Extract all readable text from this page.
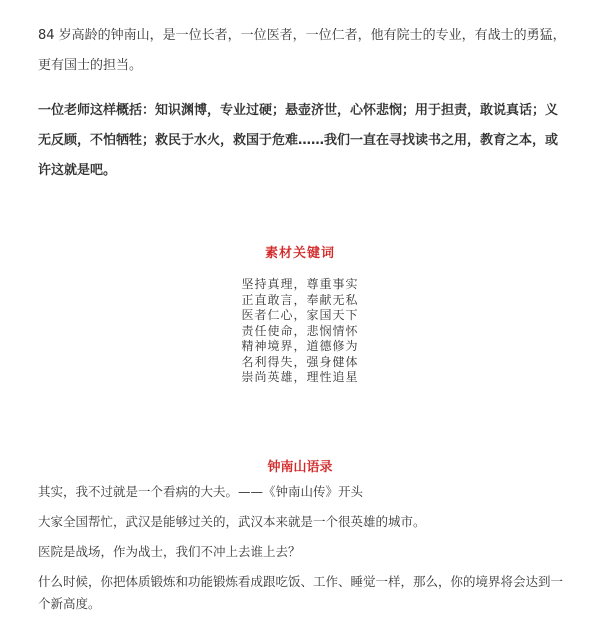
84 岁高龄的钟南山，是一位长者，一位医者，一位仁者，他有院士的专业，有战士的勇猛，更有国士的担当。

一位老师这样概括：知识渊博，专业过硬；悬壶济世，心怀悲悯；用于担责，敢说真话；义无反顾，不怕牺牲；救民于水火，救国于危难……我们一直在寻找读书之用，教育之本，或许这就是吧。

素材关键词
坚持真理，尊重事实
正直敢言，奉献无私
医者仁心，家国天下
责任使命，悲悯情怀
精神境界，道德修为
名利得失，强身健体
崇尚英雄，理性追星
钟南山语录

其实，我不过就是一个看病的大夫。——《钟南山传》开头

大家全国帮忙，武汉是能够过关的，武汉本来就是一个很英雄的城市。

医院是战场，作为战士，我们不冲上去谁上去？

什么时候，你把体质锻炼和功能锻炼看成跟吃饭、工作、睡觉一样，那么，你的境界将会达到一个新高度。
